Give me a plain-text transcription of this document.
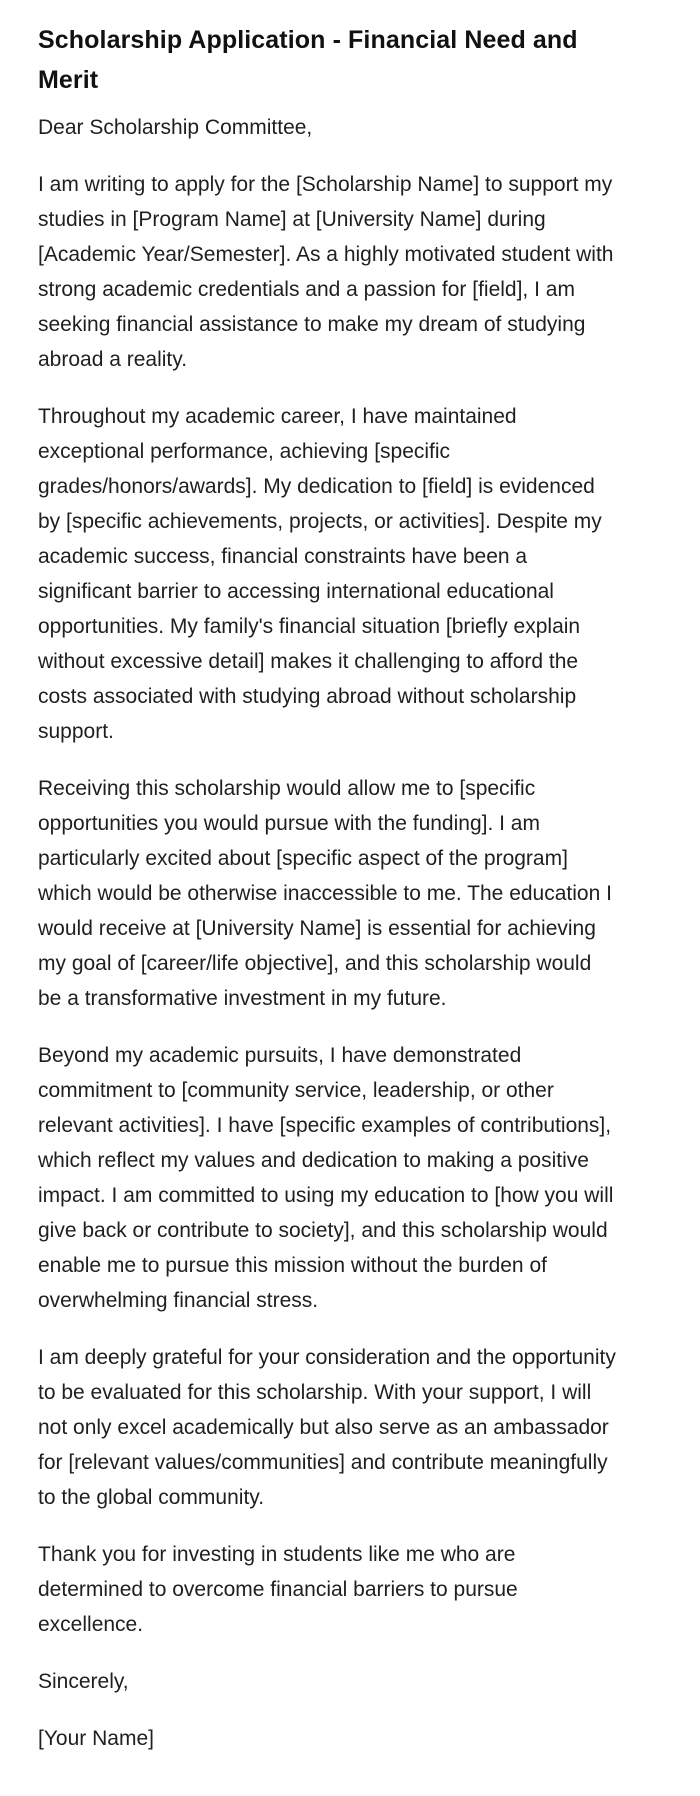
Scholarship Application - Financial Need and Merit

Dear Scholarship Committee,

I am writing to apply for the [Scholarship Name] to support my studies in [Program Name] at [University Name] during [Academic Year/Semester]. As a highly motivated student with strong academic credentials and a passion for [field], I am seeking financial assistance to make my dream of studying abroad a reality.

Throughout my academic career, I have maintained exceptional performance, achieving [specific grades/honors/awards]. My dedication to [field] is evidenced by [specific achievements, projects, or activities]. Despite my academic success, financial constraints have been a significant barrier to accessing international educational opportunities. My family's financial situation [briefly explain without excessive detail] makes it challenging to afford the costs associated with studying abroad without scholarship support.

Receiving this scholarship would allow me to [specific opportunities you would pursue with the funding]. I am particularly excited about [specific aspect of the program] which would be otherwise inaccessible to me. The education I would receive at [University Name] is essential for achieving my goal of [career/life objective], and this scholarship would be a transformative investment in my future.

Beyond my academic pursuits, I have demonstrated commitment to [community service, leadership, or other relevant activities]. I have [specific examples of contributions], which reflect my values and dedication to making a positive impact. I am committed to using my education to [how you will give back or contribute to society], and this scholarship would enable me to pursue this mission without the burden of overwhelming financial stress.

I am deeply grateful for your consideration and the opportunity to be evaluated for this scholarship. With your support, I will not only excel academically but also serve as an ambassador for [relevant values/communities] and contribute meaningfully to the global community.

Thank you for investing in students like me who are determined to overcome financial barriers to pursue excellence.

Sincerely,

[Your Name]
